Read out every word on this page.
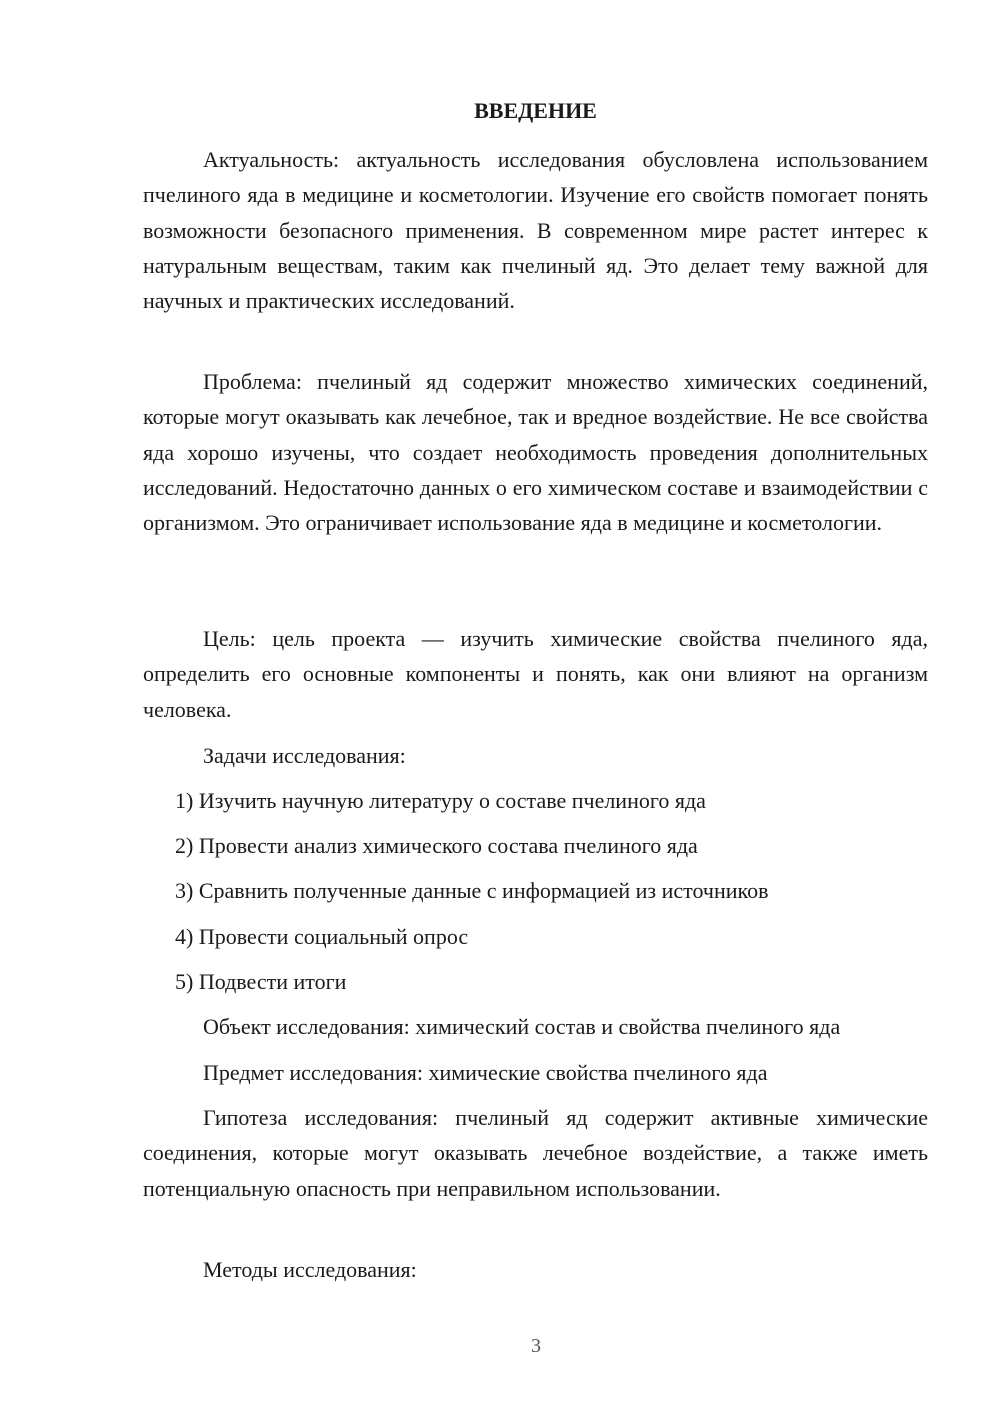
ВВЕДЕНИЕ

Актуальность: актуальность исследования обусловлена использованием пчелиного яда в медицине и косметологии. Изучение его свойств помогает понять возможности безопасного применения. В современном мире растет интерес к натуральным веществам, таким как пчелиный яд. Это делает тему важной для научных и практических исследований.

Проблема: пчелиный яд содержит множество химических соединений, которые могут оказывать как лечебное, так и вредное воздействие. Не все свойства яда хорошо изучены, что создает необходимость проведения дополнительных исследований. Недостаточно данных о его химическом составе и взаимодействии с организмом. Это ограничивает использование яда в медицине и косметологии.

Цель: цель проекта — изучить химические свойства пчелиного яда, определить его основные компоненты и понять, как они влияют на организм человека.

Задачи исследования:

1) Изучить научную литературу о составе пчелиного яда

2) Провести анализ химического состава пчелиного яда

3) Сравнить полученные данные с информацией из источников

4) Провести социальный опрос

5) Подвести итоги

Объект исследования: химический состав и свойства пчелиного яда

Предмет исследования: химические свойства пчелиного яда

Гипотеза исследования: пчелиный яд содержит активные химические соединения, которые могут оказывать лечебное воздействие, а также иметь потенциальную опасность при неправильном использовании.

Методы исследования:

3
